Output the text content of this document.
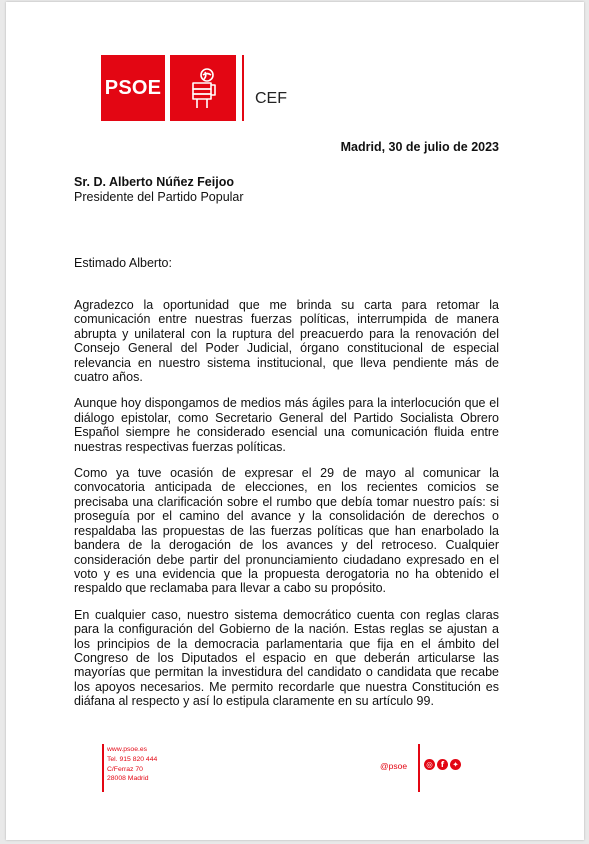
PSOE	CEF
Madrid, 30 de julio de 2023
Sr. D. Alberto Núñez Feijoo
Presidente del Partido Popular
Estimado Alberto:

Agradezco la oportunidad que me brinda su carta para retomar la comunicación entre nuestras fuerzas políticas, interrumpida de manera abrupta y unilateral con la ruptura del preacuerdo para la renovación del Consejo General del Poder Judicial, órgano constitucional de especial relevancia en nuestro sistema institucional, que lleva pendiente más de cuatro años.

Aunque hoy dispongamos de medios más ágiles para la interlocución que el diálogo epistolar, como Secretario General del Partido Socialista Obrero Español siempre he considerado esencial una comunicación fluida entre nuestras respectivas fuerzas políticas.

Como ya tuve ocasión de expresar el 29 de mayo al comunicar la convocatoria anticipada de elecciones, en los recientes comicios se precisaba una clarificación sobre el rumbo que debía tomar nuestro país: si proseguía por el camino del avance y la consolidación de derechos o respaldaba las propuestas de las fuerzas políticas que han enarbolado la bandera de la derogación de los avances y del retroceso. Cualquier consideración debe partir del pronunciamiento ciudadano expresado en el voto y es una evidencia que la propuesta derogatoria no ha obtenido el respaldo que reclamaba para llevar a cabo su propósito.

En cualquier caso, nuestro sistema democrático cuenta con reglas claras para la configuración del Gobierno de la nación. Estas reglas se ajustan a los principios de la democracia parlamentaria que fija en el ámbito del Congreso de los Diputados el espacio en que deberán articularse las mayorías que permitan la investidura del candidato o candidata que recabe los apoyos necesarios. Me permito recordarle que nuestra Constitución es diáfana al respecto y así lo estipula claramente en su artículo 99.

www.psoe.es
Tel. 915 820 444
C/Ferraz 70
28008 Madrid
@psoe	◎	f	✦
